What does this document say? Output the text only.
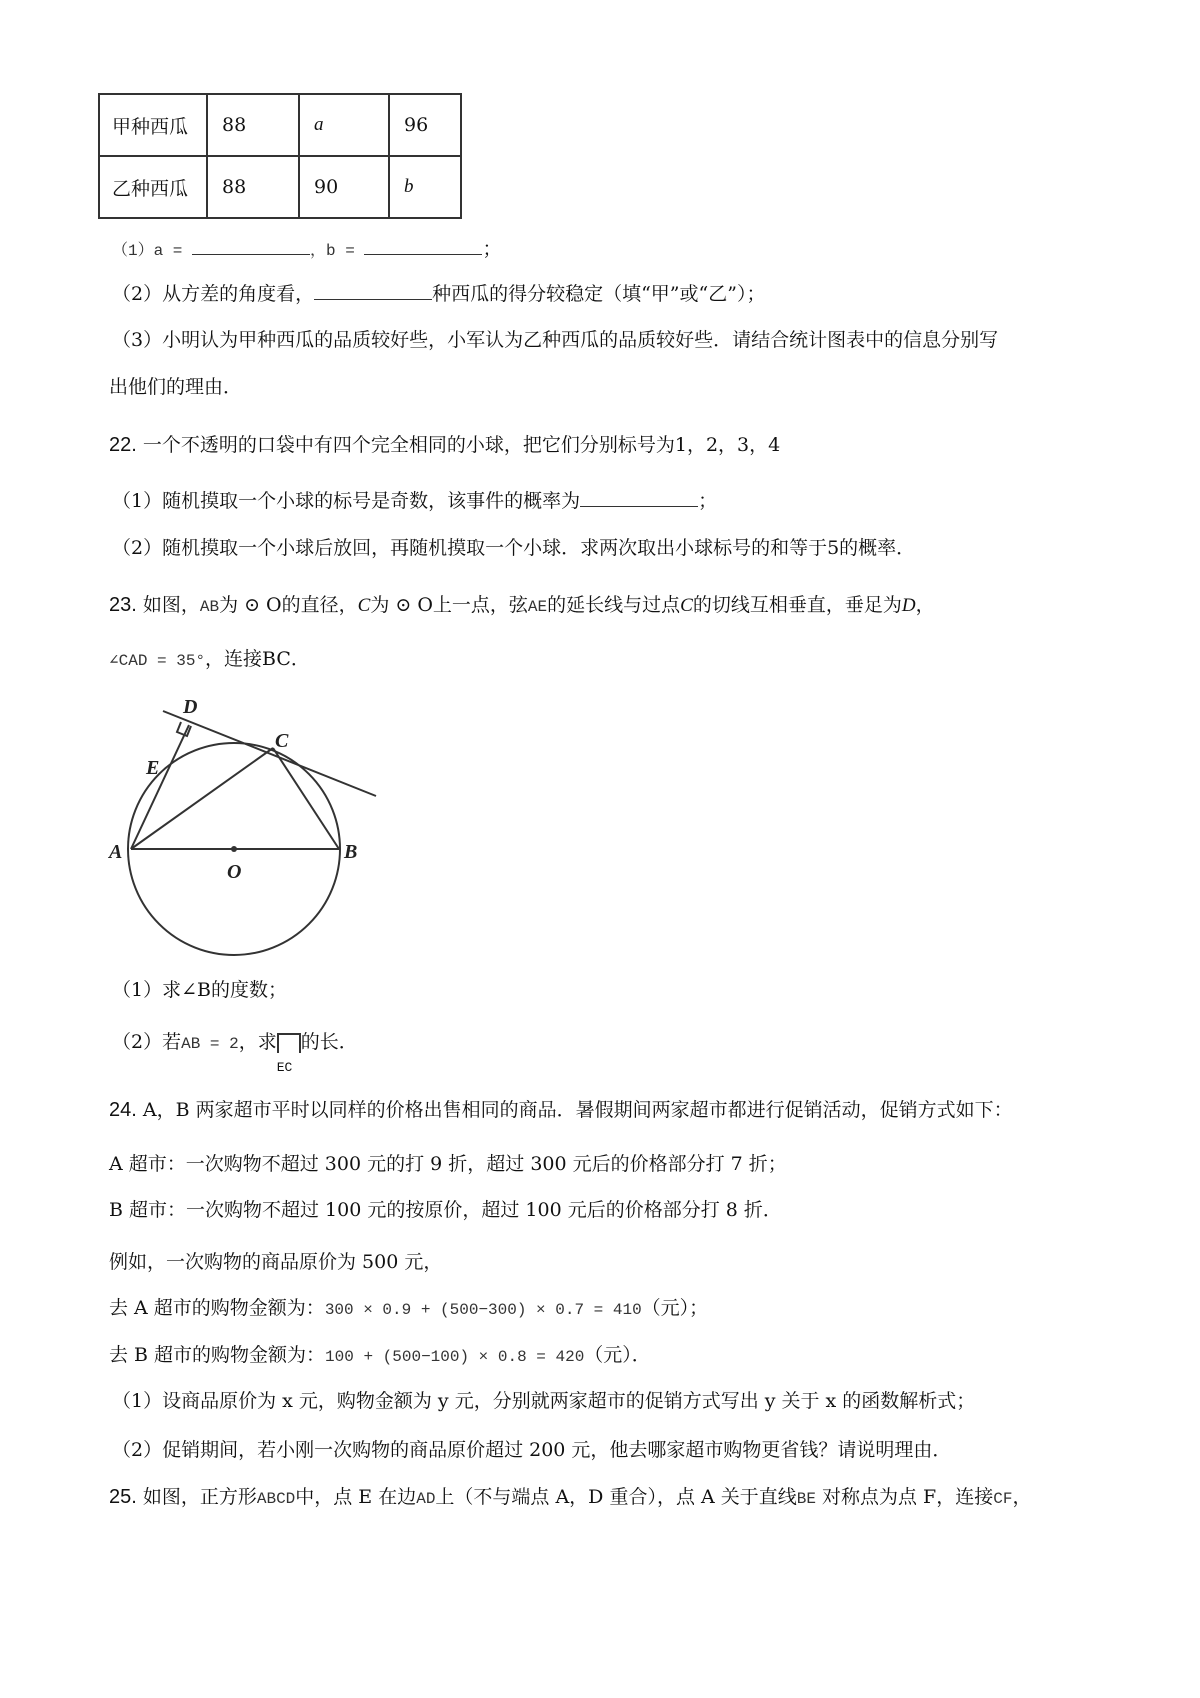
甲种西瓜	88	a	96
乙种西瓜	88	90	b
（1）a =	，b =	；
（2）从方差的角度看，	种西瓜的得分较稳定（填“甲”或“乙”）；
（3）小明认为甲种西瓜的品质较好些，小军认为乙种西瓜的品质较好些．请结合统计图表中的信息分别写
出他们的理由．
22. 一个不透明的口袋中有四个完全相同的小球，把它们分别标号为1，2，3，4
（1）随机摸取一个小球的标号是奇数，该事件的概率为	；
（2）随机摸取一个小球后放回，再随机摸取一个小球．求两次取出小球标号的和等于5的概率．
23. 如图，AB为 ⊙ O的直径，C为 ⊙ O上一点，弦AE的延长线与过点C的切线互相垂直，垂足为D，
∠CAD = 35°，连接BC．
D
C
E
A
O
B
（1）求∠B的度数；
（2）若AB = 2，求
EC
的长．
24. A，B 两家超市平时以同样的价格出售相同的商品．暑假期间两家超市都进行促销活动，促销方式如下：
A 超市：一次购物不超过 300 元的打 9 折，超过 300 元后的价格部分打 7 折；
B 超市：一次购物不超过 100 元的按原价，超过 100 元后的价格部分打 8 折．
例如，一次购物的商品原价为 500 元，
去 A 超市的购物金额为：300 × 0.9 + (500−300) × 0.7 = 410（元）；
去 B 超市的购物金额为：100 + (500−100) × 0.8 = 420（元）．
（1）设商品原价为 x 元，购物金额为 y 元，分别就两家超市的促销方式写出 y 关于 x 的函数解析式；
（2）促销期间，若小刚一次购物的商品原价超过 200 元，他去哪家超市购物更省钱？请说明理由．
25. 如图，正方形ABCD中，点 E 在边AD上（不与端点 A，D 重合），点 A 关于直线BE 对称点为点 F，连接CF，
